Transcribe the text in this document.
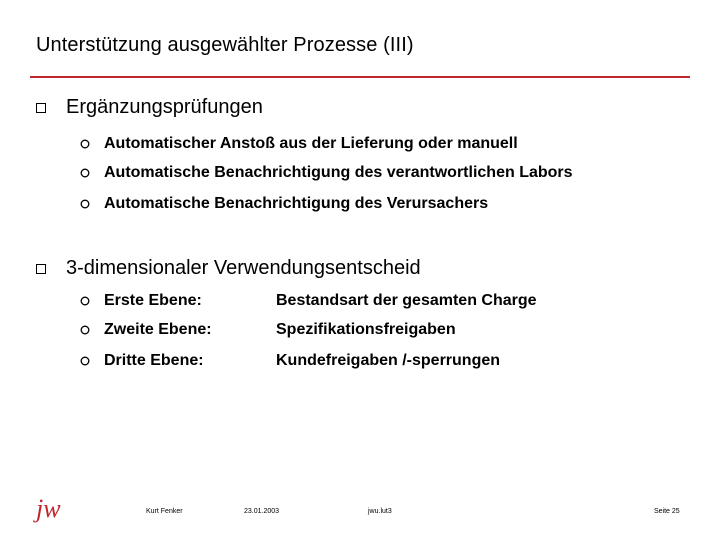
Unterstützung ausgewählter Prozesse (III)
Ergänzungsprüfungen
Automatischer Anstoß aus der Lieferung oder manuell
Automatische Benachrichtigung des verantwortlichen Labors
Automatische Benachrichtigung des Verursachers
3-dimensionaler Verwendungsentscheid
Erste Ebene:	Bestandsart der gesamten Charge
Zweite Ebene:	Spezifikationsfreigaben
Dritte Ebene:	Kundefreigaben /-sperrungen
jw	Kurt Fenker	23.01.2003	jwu.lut3	Seite 25
